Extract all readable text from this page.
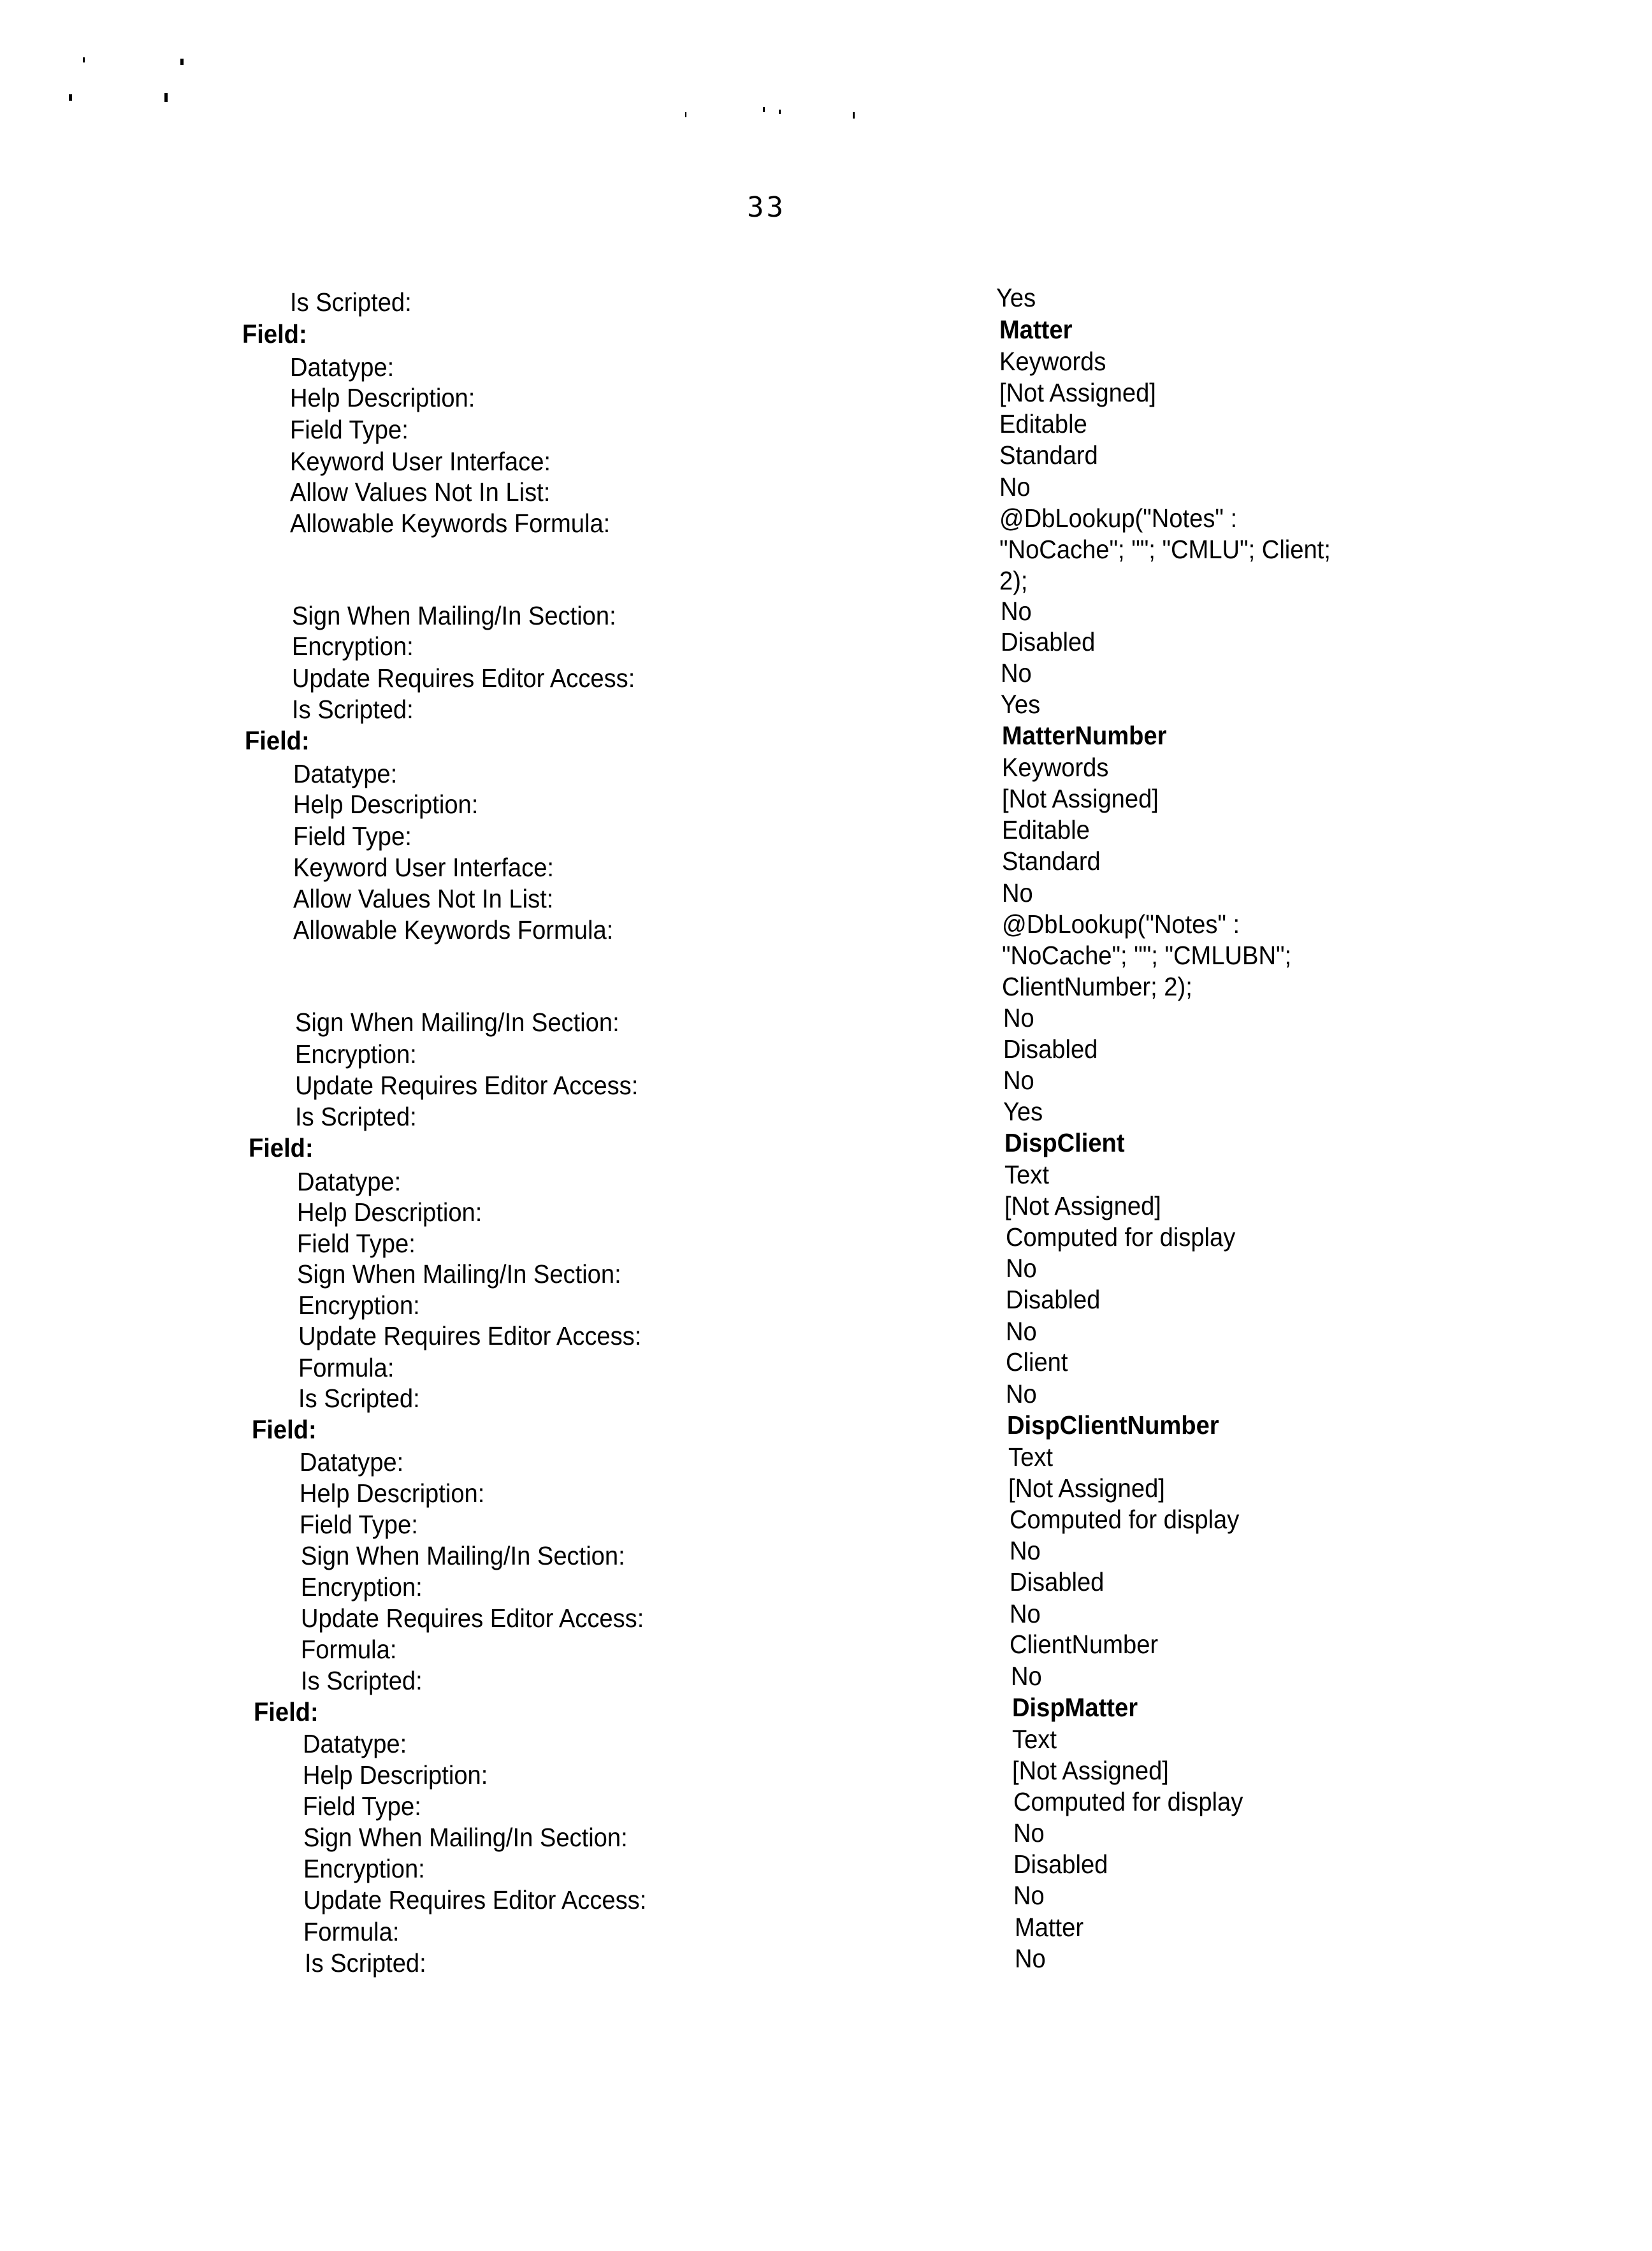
33
Is Scripted:	Yes
Field:	Matter
Datatype:	Keywords
Help Description:	[Not Assigned]
Field Type:	Editable
Keyword User Interface:	Standard
Allow Values Not In List:	No
Allowable Keywords Formula:	@DbLookup("Notes" :
"NoCache"; ""; "CMLU"; Client;
2);
Sign When Mailing/In Section:	No
Encryption:	Disabled
Update Requires Editor Access:	No
Is Scripted:	Yes
Field:	MatterNumber
Datatype:	Keywords
Help Description:	[Not Assigned]
Field Type:	Editable
Keyword User Interface:	Standard
Allow Values Not In List:	No
Allowable Keywords Formula:	@DbLookup("Notes" :
"NoCache"; ""; "CMLUBN";
ClientNumber; 2);
Sign When Mailing/In Section:	No
Encryption:	Disabled
Update Requires Editor Access:	No
Is Scripted:	Yes
Field:	DispClient
Datatype:	Text
Help Description:	[Not Assigned]
Field Type:	Computed for display
Sign When Mailing/In Section:	No
Encryption:	Disabled
Update Requires Editor Access:	No
Formula:	Client
Is Scripted:	No
Field:	DispClientNumber
Datatype:	Text
Help Description:	[Not Assigned]
Field Type:	Computed for display
Sign When Mailing/In Section:	No
Encryption:	Disabled
Update Requires Editor Access:	No
Formula:	ClientNumber
Is Scripted:	No
Field:	DispMatter
Datatype:	Text
Help Description:	[Not Assigned]
Field Type:	Computed for display
Sign When Mailing/In Section:	No
Encryption:	Disabled
Update Requires Editor Access:	No
Formula:	Matter
Is Scripted:	No
